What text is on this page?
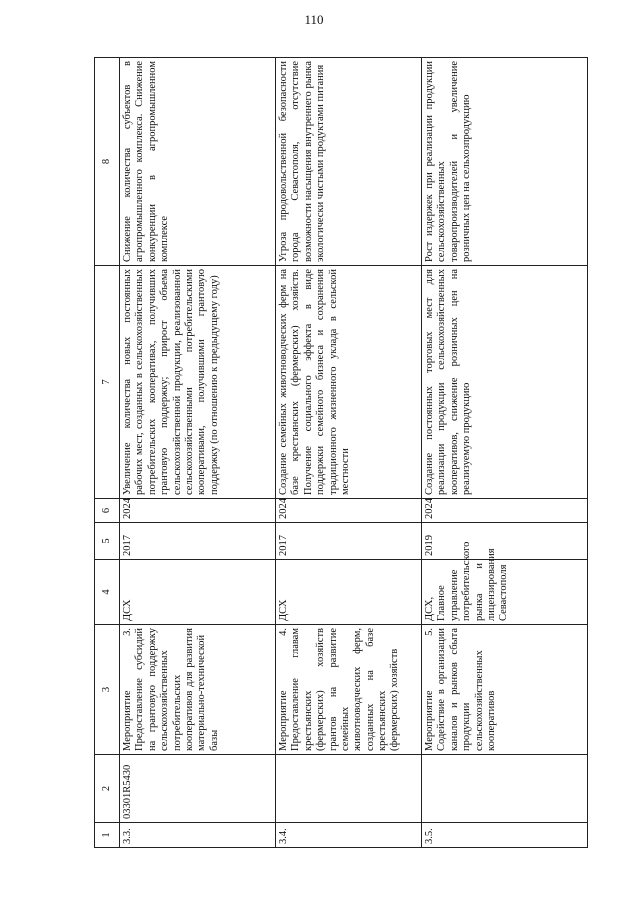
110
1	2	3	4	5	6	7	8
3.3.	03301R5430	Мероприятие 3. Предоставление субсидий на грантовую поддержку сельскохозяйственных потребительских кооперативов для развития материально-технической базы	ДСХ	2017	2024	Увеличение количества новых постоянных рабочих мест, созданных в сельскохозяйственных потребительских кооперативах, получивших грантовую поддержку; прирост объема сельскохозяйственной продукции, реализованной сельскохозяйственными потребительскими кооперативами, получившими грантовую поддержку (по отношению к предыдущему году)	Снижение количества субъектов в агропромышленного комплекса. Снижение конкуренции в агропромышленном комплексе
3.4.		Мероприятие 4. Предоставление главам крестьянских (фермерских) хозяйств грантов на развитие семейных животноводческих ферм, созданных на базе крестьянских (фермерских) хозяйств	ДСХ	2017	2024	Создание семейных животноводческих ферм на базе крестьянских (фермерских) хозяйств. Получение социального эффекта в виде поддержки семейного бизнеса и сохранения традиционного жизненного уклада в сельской местности	Угроза продовольственной безопасности города Севастополя, отсутствие возможности насыщения внутреннего рынка экологически чистыми продуктами питания
3.5.		Мероприятие 5. Содействие в организации каналов и рынков сбыта продукции сельскохозяйственных кооперативов	ДСХ, Главное управление потребительского рынка и лицензирования Севастополя	2019	2024	Создание постоянных торговых мест для реализации продукции сельскохозяйственных кооперативов, снижение розничных цен на реализуемую продукцию	Рост издержек при реализации продукции сельскохозяйственных товаропроизводителей и увеличение розничных цен на сельхозпродукцию
